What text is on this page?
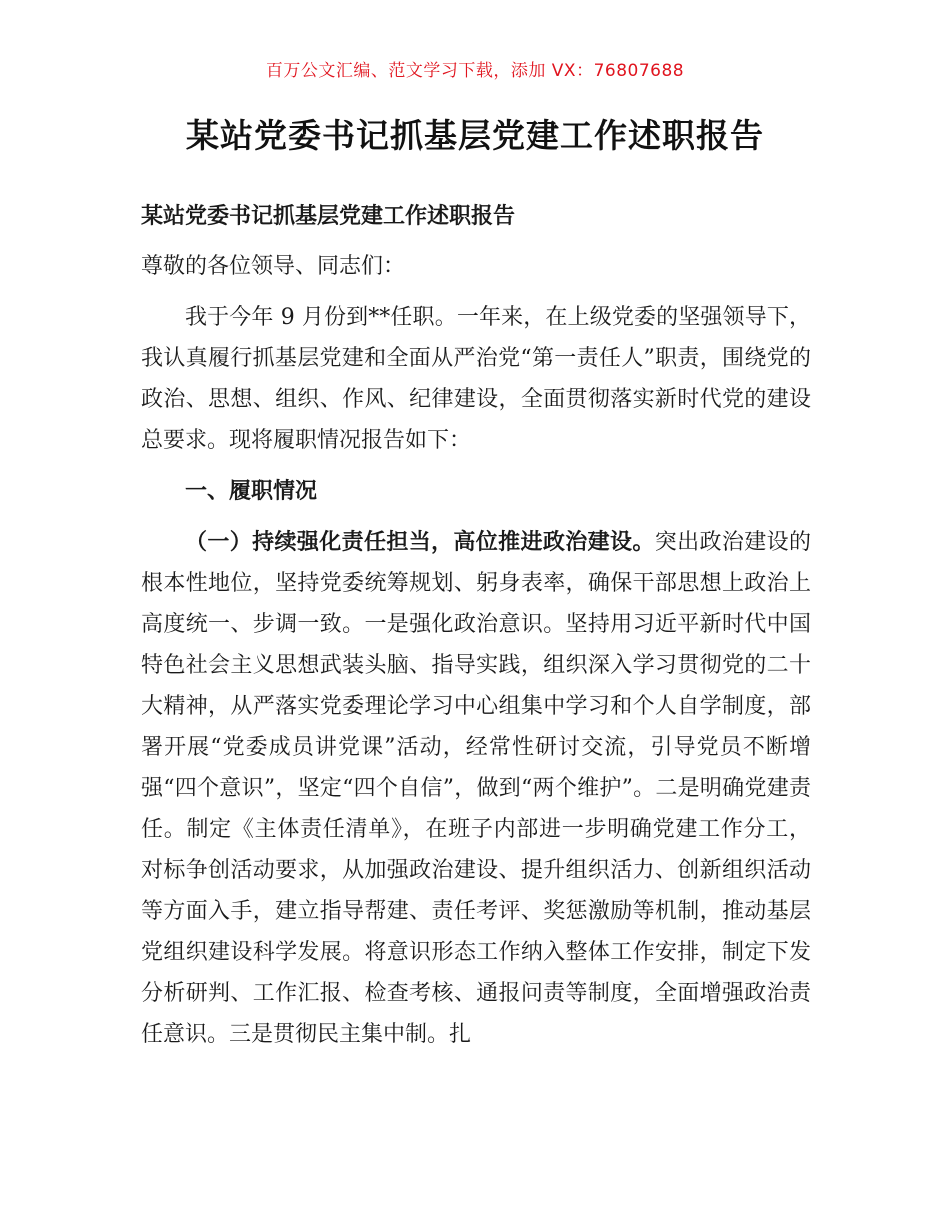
百万公文汇编、范文学习下载，添加 VX：76807688
某站党委书记抓基层党建工作述职报告
某站党委书记抓基层党建工作述职报告
尊敬的各位领导、同志们：

我于今年 9 月份到**任职。一年来，在上级党委的坚强领导下，我认真履行抓基层党建和全面从严治党“第一责任人”职责，围绕党的政治、思想、组织、作风、纪律建设，全面贯彻落实新时代党的建设总要求。现将履职情况报告如下：

一、履职情况

（一）持续强化责任担当，高位推进政治建设。突出政治建设的根本性地位，坚持党委统筹规划、躬身表率，确保干部思想上政治上高度统一、步调一致。一是强化政治意识。坚持用习近平新时代中国特色社会主义思想武装头脑、指导实践，组织深入学习贯彻党的二十大精神，从严落实党委理论学习中心组集中学习和个人自学制度，部署开展“党委成员讲党课”活动，经常性研讨交流，引导党员不断增强“四个意识”，坚定“四个自信”，做到“两个维护”。二是明确党建责任。制定《主体责任清单》，在班子内部进一步明确党建工作分工，对标争创活动要求，从加强政治建设、提升组织活力、创新组织活动等方面入手，建立指导帮建、责任考评、奖惩激励等机制，推动基层党组织建设科学发展。将意识形态工作纳入整体工作安排，制定下发分析研判、工作汇报、检查考核、通报问责等制度，全面增强政治责任意识。三是贯彻民主集中制。扎
